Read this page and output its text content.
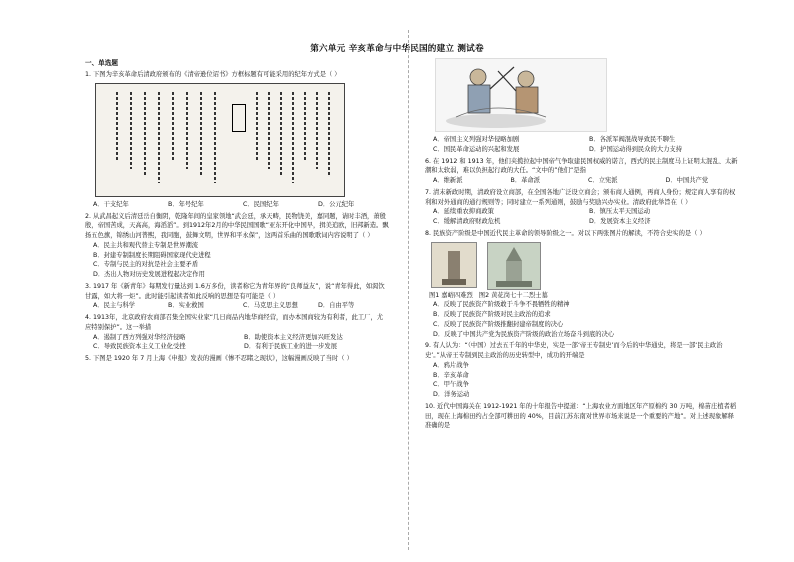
第六单元 辛亥革命与中华民国的建立 测试卷
一、单选题
1. 下图为辛亥革命后清政府颁布的《清帝逊位诏书》方框标题有可能采用的纪年方式是（ ）
A．干支纪年	B．年号纪年	C．民国纪年	D．公元纪年
2. 从武昌起义后清廷岳自衡阴，乾隆年间的皇家领地“武会廷，承天畴，民物饶美，嘉同题，请时丰酒，萧殷殷，帝国苦成，天高高，海滔滔”。到1912年2月的中华民国国歌“亚东开化中国早，揖美追欧，旧邦新造。飘扬五色旗，锦绣山河普熙，我同胞，鼓舞文明，世界和平永保”，这两首乐曲的国歌歌词内容说明了（ ）
A．民主共和观代替主专制是世界潮流
B．封建专制制度长期阻碍国家现代史进程
C．专制与民主的对抗是社会主要矛盾
D．杰出人物对历史发展进程起决定作用
3. 1917 年《新青年》每期发行量达到 1.6万多份，读者称它为青年界的“良师益友”，说“青年得此，如渴饮甘露，如大将一炬”。此时能引起读者如此反响的思想是有可能是（ ）
A．民主与科学	B．实业救国	C．马克思主义思想	D．自由平等
4. 1913年，北京政府农商部召集全国实业家“几日商品内地华商经营，而办本国商较为有利者，此工厂，尤应特别保护”。这一举措
A．遏制了西方列强对华经济侵略	B．助使资本主义经济更加兴旺发达
C．导致民族资本主义工业化受挫	D．有利于民族工业的进一步发展
5. 下图是 1920 年 7 月上海《申报》发表的漫画《惨不忍睹之现状》，这幅漫画反映了当时（ ）
A．帝国主义列强对华侵略加剧	B．各派军阀混战导致民不聊生
C．国民革命运动的兴起和发展	D．护国运动得到民众的大力支持
6. 在 1912 和 1913 年，他们夹揽拉起中国帝气争取建民国权威的诺言，西式的民主制度马上证明太混乱、太新潮和太软弱，难以负担起行政的大任。“文中的”他们“是指
A．维新派	B．革命派	C．立宪派	D．中国共产党
7. 清末新政时期，清政府设立商部，在全国各地广泛设立商会；颁布商人通例，再商人身份；规定商人享有的权利和对外通商的通行规则等；同时建立一系列通则，鼓励与奖励兴办实业。清政府此举旨在（ ）
A．延续重农抑商政策	B．镇压太平天国运动
C．缓解清政府财政危机	D．发展资本主义经济
8. 民族资产阶级是中国近代民主革命的领导阶级之一。对以下两张图片的解读，不符合史实的是（ ）
图1 嘉峪四难烈 图2 黄花岗七十二烈士墓
A．反映了民族资产阶级敢于斗争不畏牺牲的精神
B．反映了民族资产阶级对民主政治的追求
C．反映了民族资产阶级推翻封建帝制度的决心
D．反映了中国共产党为民族资产阶级的政治立场奋斗到底的决心
9. 有人认为：“（中国）过去五千年的中华史，实是一部‘帝王专制史’而今后的中华通史，将是一部‘民主政治史’。”从帝王专制到民主政治的历史转型中，成功的开端是
A．鸦片战争
B．辛亥革命
C．甲午战争
D．洋务运动
10. 近代中国海关在 1912-1921 年的十年报告中提道：“上海农业方面地区年产原棉约 30 万吨，棉苗庄植者稻田，现在上海棉田约占全部可耕田的 40%，目前江苏东南对世界市场来说是一个重要的产地”。对上述现象解释准确的是
